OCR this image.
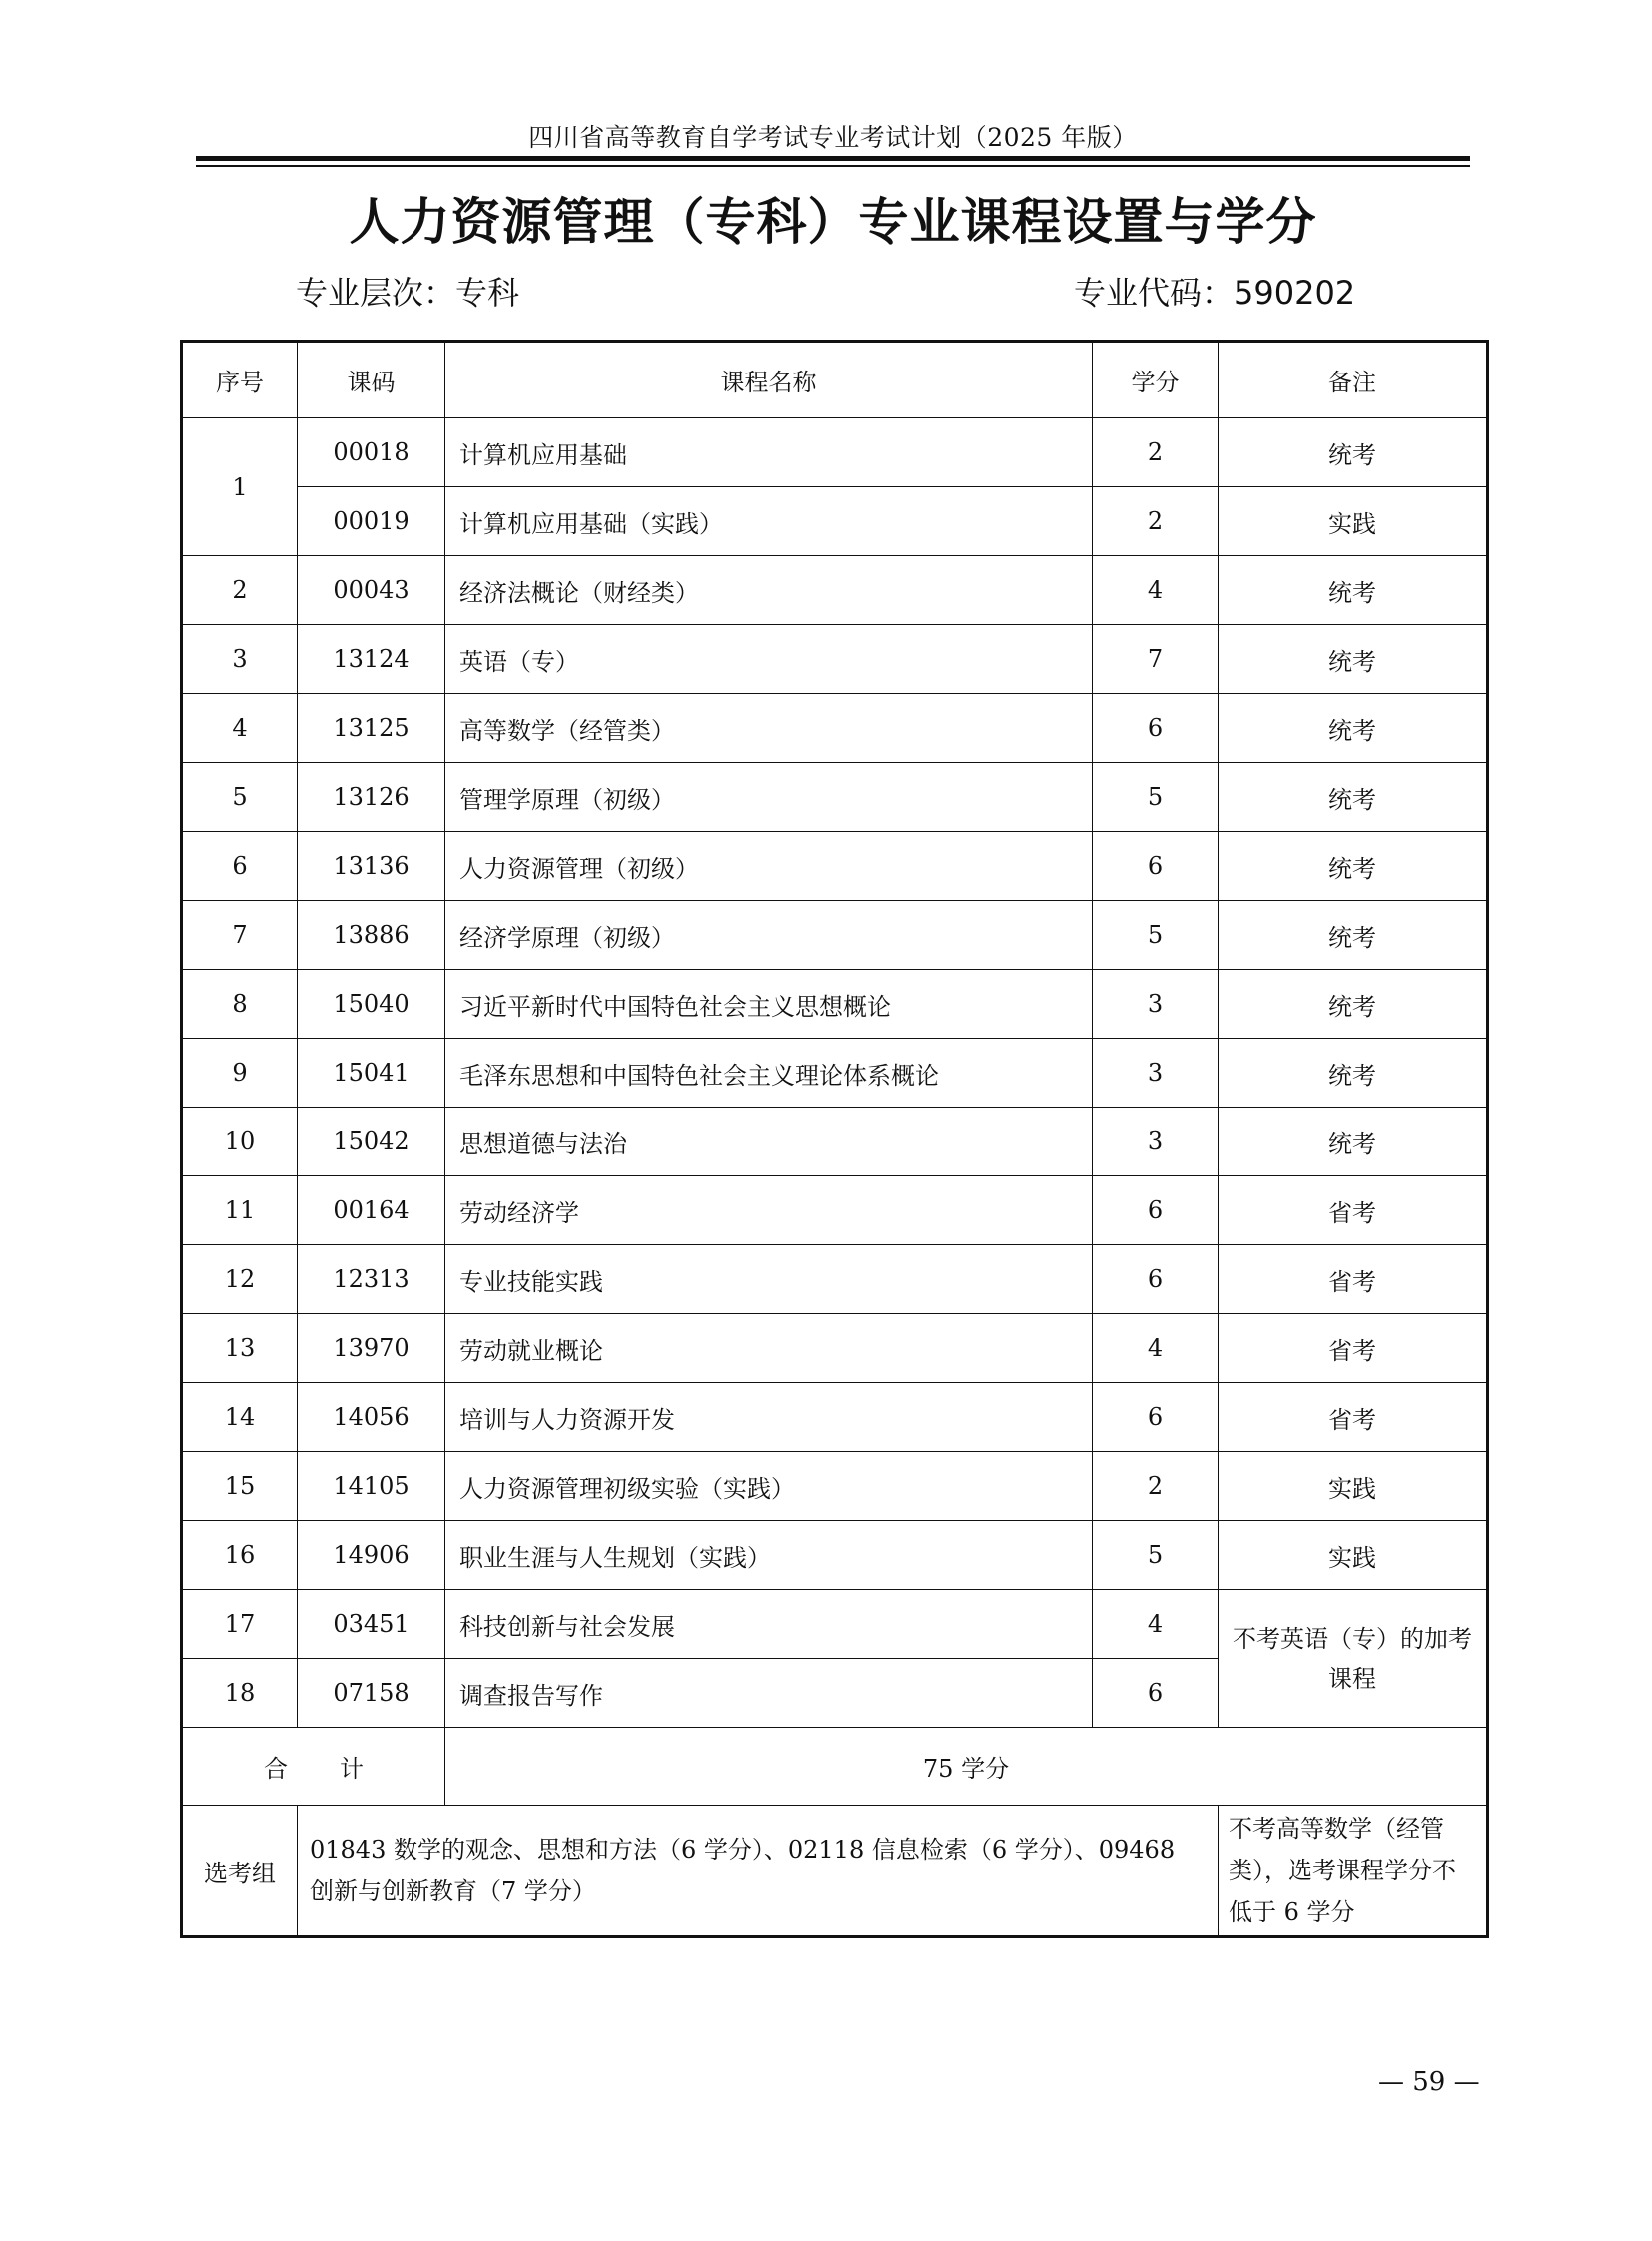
四川省高等教育自学考试专业考试计划（2025 年版）
人力资源管理（专科）专业课程设置与学分
专业层次：专科	专业代码：590202
序号	课码	课程名称	学分	备注
1	00018	计算机应用基础	2	统考
	00019	计算机应用基础（实践）	2	实践
2	00043	经济法概论（财经类）	4	统考
3	13124	英语（专）	7	统考
4	13125	高等数学（经管类）	6	统考
5	13126	管理学原理（初级）	5	统考
6	13136	人力资源管理（初级）	6	统考
7	13886	经济学原理（初级）	5	统考
8	15040	习近平新时代中国特色社会主义思想概论	3	统考
9	15041	毛泽东思想和中国特色社会主义理论体系概论	3	统考
10	15042	思想道德与法治	3	统考
11	00164	劳动经济学	6	省考
12	12313	专业技能实践	6	省考
13	13970	劳动就业概论	4	省考
14	14056	培训与人力资源开发	6	省考
15	14105	人力资源管理初级实验（实践）	2	实践
16	14906	职业生涯与人生规划（实践）	5	实践
17	03451	科技创新与社会发展	4	不考英语（专）的加考课程
18	07158	调查报告写作	6	
合计		75 学分		
选考组	01843 数学的观念、思想和方法（6 学分）、02118 信息检索（6 学分）、09468 创新与创新教育（7 学分）			不考高等数学（经管类），选考课程学分不低于 6 学分
— 59 —
